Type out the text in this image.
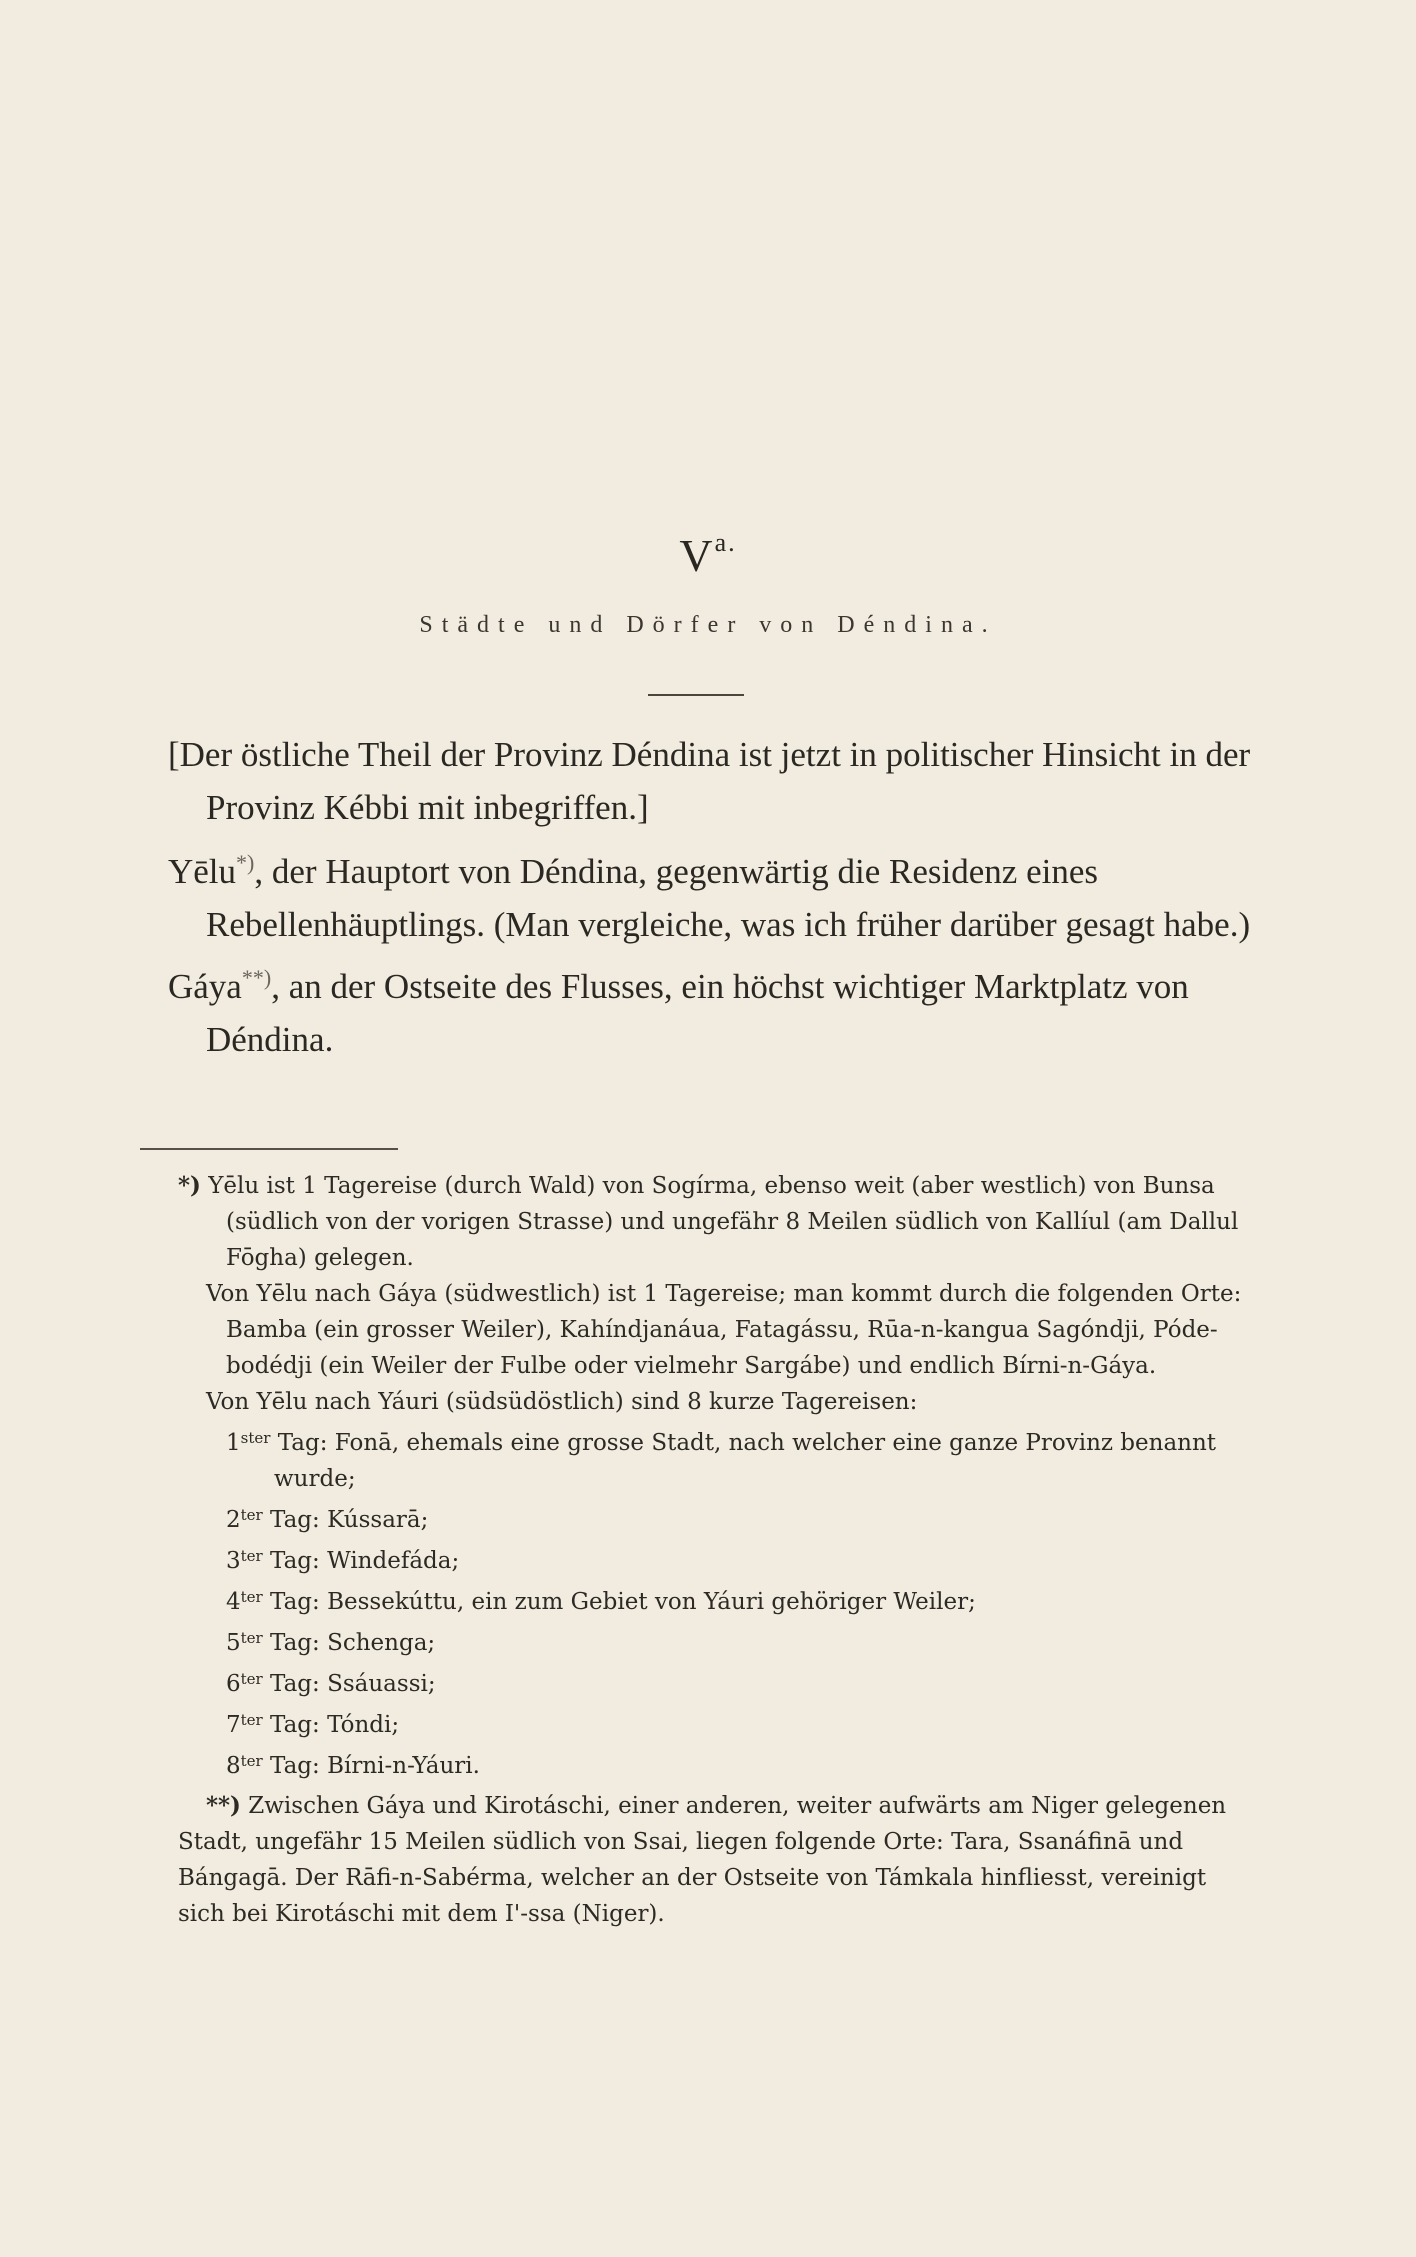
$V^{a.}$
Städte und Dörfer von Déndina.

[Der östliche Theil der Provinz Déndina ist jetzt in politischer Hinsicht in der Provinz Kébbi mit inbegriffen.]

Yēlu*), der Hauptort von Déndina, gegenwärtig die Residenz eines Rebellenhäuptlings. (Man vergleiche, was ich früher darüber gesagt habe.)

Gáya**), an der Ostseite des Flusses, ein höchst wichtiger Marktplatz von Déndina.

*) Yēlu ist 1 Tagereise (durch Wald) von Sogírma, ebenso weit (aber westlich) von Bunsa (südlich von der vorigen Strasse) und ungefähr 8 Meilen südlich von Kallíul (am Dallul Fōgha) gelegen.

Von Yēlu nach Gáya (südwestlich) ist 1 Tagereise; man kommt durch die folgenden Orte: Bamba (ein grosser Weiler), Kahíndjanáua, Fatagássu, Rūa-n-kangua Sagóndji, Póde-bodédji (ein Weiler der Fulbe oder vielmehr Sargábe) und endlich Bírni-n-Gáya.

Von Yēlu nach Yáuri (südsüdöstlich) sind 8 kurze Tagereisen:

$1^{ster}$ Tag: Fonā, ehemals eine grosse Stadt, nach welcher eine ganze Provinz benannt wurde;
$2^{ter}$ Tag: Kússarā;
$3^{ter}$ Tag: Windefáda;
$4^{ter}$ Tag: Bessekúttu, ein zum Gebiet von Yáuri gehöriger Weiler;
$5^{ter}$ Tag: Schenga;
$6^{ter}$ Tag: Ssáuassi;
$7^{ter}$ Tag: Tóndi;
$8^{ter}$ Tag: Bírni-n-Yáuri.

**) Zwischen Gáya und Kirotáschi, einer anderen, weiter aufwärts am Niger gelegenen Stadt, ungefähr 15 Meilen südlich von Ssai, liegen folgende Orte: Tara, Ssanáfinā und Bángagā. Der Rāfi-n-Sabérma, welcher an der Ostseite von Támkala hinfliesst, vereinigt sich bei Kirotáschi mit dem I'-ssa (Niger).
